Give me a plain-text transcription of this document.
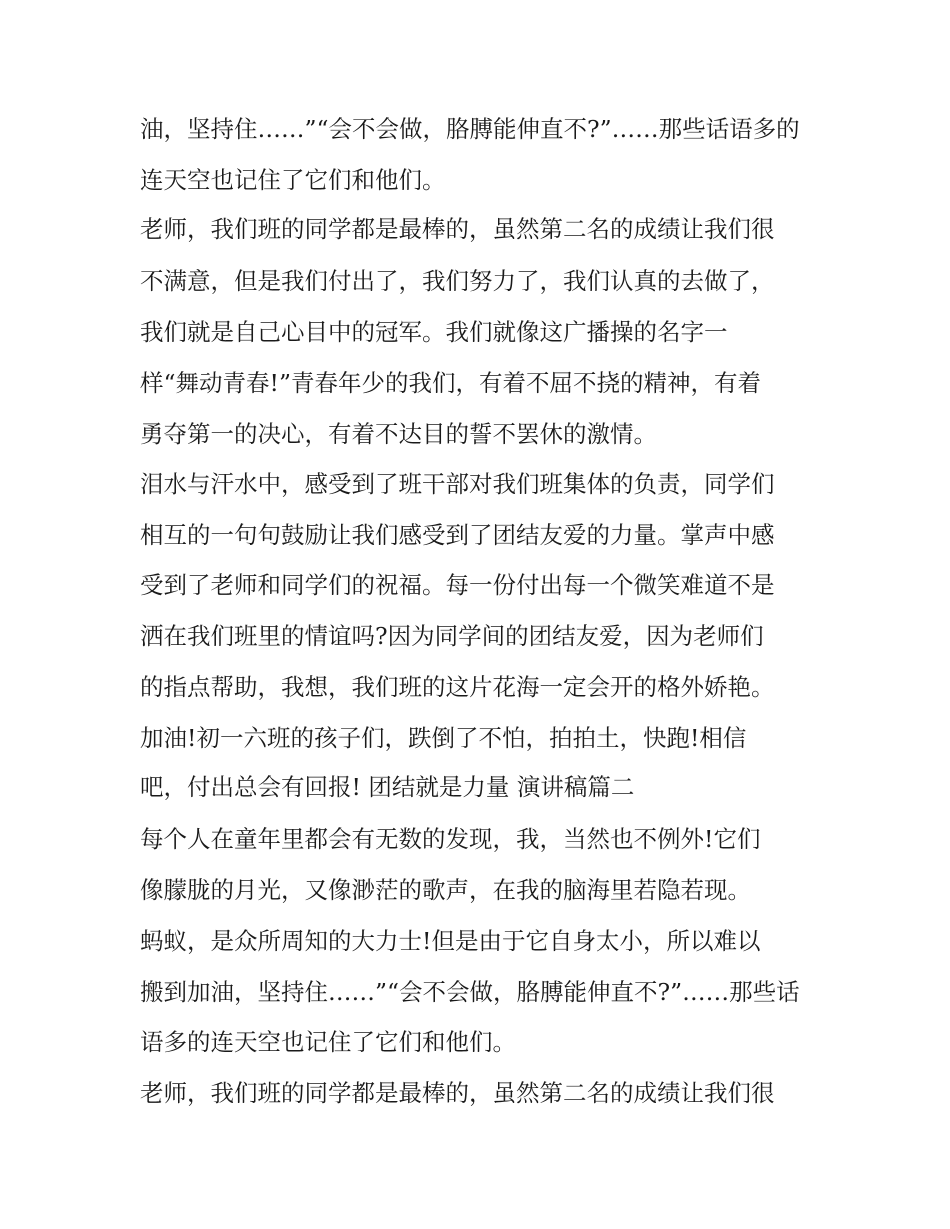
油，坚持住……”“会不会做，胳膊能伸直不?”……那些话语多的
连天空也记住了它们和他们。
老师，我们班的同学都是最棒的，虽然第二名的成绩让我们很
不满意，但是我们付出了，我们努力了，我们认真的去做了，
我们就是自己心目中的冠军。我们就像这广播操的名字一
样“舞动青春!”青春年少的我们，有着不屈不挠的精神，有着
勇夺第一的决心，有着不达目的誓不罢休的激情。
泪水与汗水中，感受到了班干部对我们班集体的负责，同学们
相互的一句句鼓励让我们感受到了团结友爱的力量。掌声中感
受到了老师和同学们的祝福。每一份付出每一个微笑难道不是
洒在我们班里的情谊吗?因为同学间的团结友爱，因为老师们
的指点帮助，我想，我们班的这片花海一定会开的格外娇艳。
加油!初一六班的孩子们，跌倒了不怕，拍拍土，快跑!相信
吧，付出总会有回报! 团结就是力量 演讲稿篇二
每个人在童年里都会有无数的发现，我，当然也不例外!它们
像朦胧的月光，又像渺茫的歌声，在我的脑海里若隐若现。
蚂蚁，是众所周知的大力士!但是由于它自身太小，所以难以
搬到加油，坚持住……”“会不会做，胳膊能伸直不?”……那些话
语多的连天空也记住了它们和他们。
老师，我们班的同学都是最棒的，虽然第二名的成绩让我们很
